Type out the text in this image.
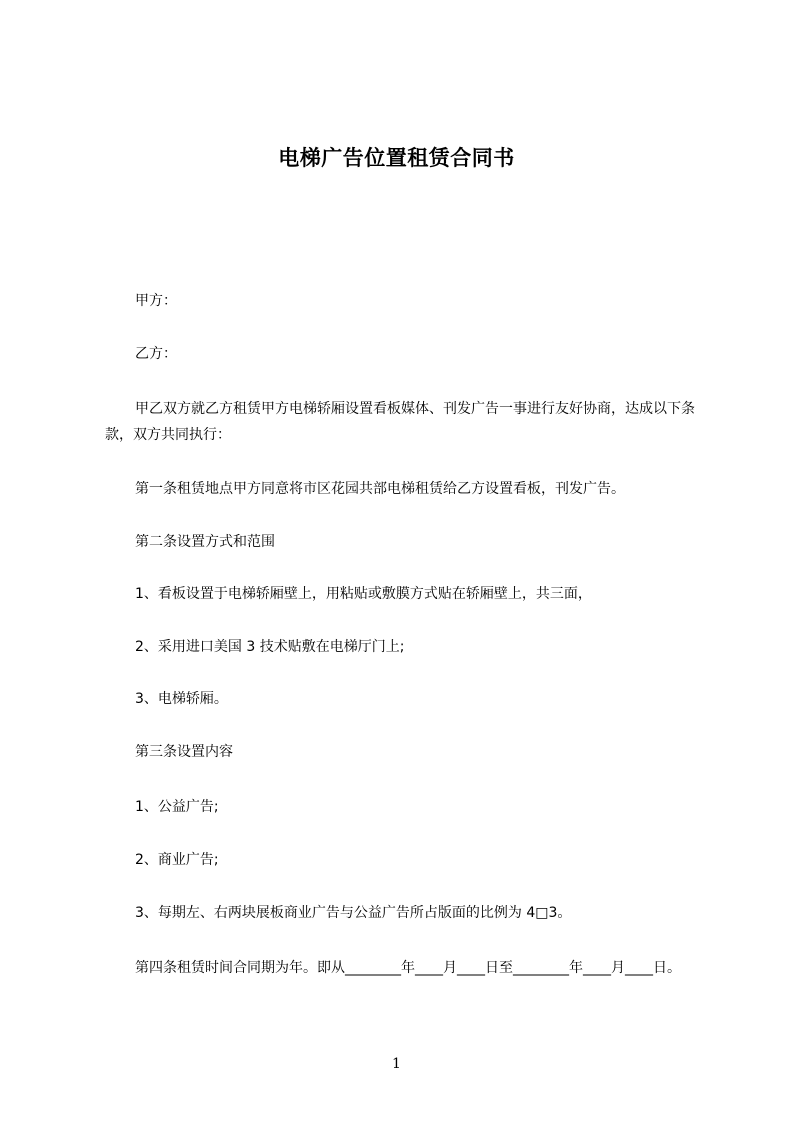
电梯广告位置租赁合同书
甲方：
乙方：
甲乙双方就乙方租赁甲方电梯轿厢设置看板媒体、刊发广告一事进行友好协商，达成以下条款，双方共同执行：
第一条租赁地点甲方同意将市区花园共部电梯租赁给乙方设置看板，刊发广告。
第二条设置方式和范围
1、看板设置于电梯轿厢壁上，用粘贴或敷膜方式贴在轿厢壁上，共三面，
2、采用进口美国 3 技术贴敷在电梯厅门上;
3、电梯轿厢。
第三条设置内容
1、公益广告;
2、商业广告;
3、每期左、右两块展板商业广告与公益广告所占版面的比例为 4□3。
第四条租赁时间合同期为年。即从________年____月____日至________年____月____日。
1
